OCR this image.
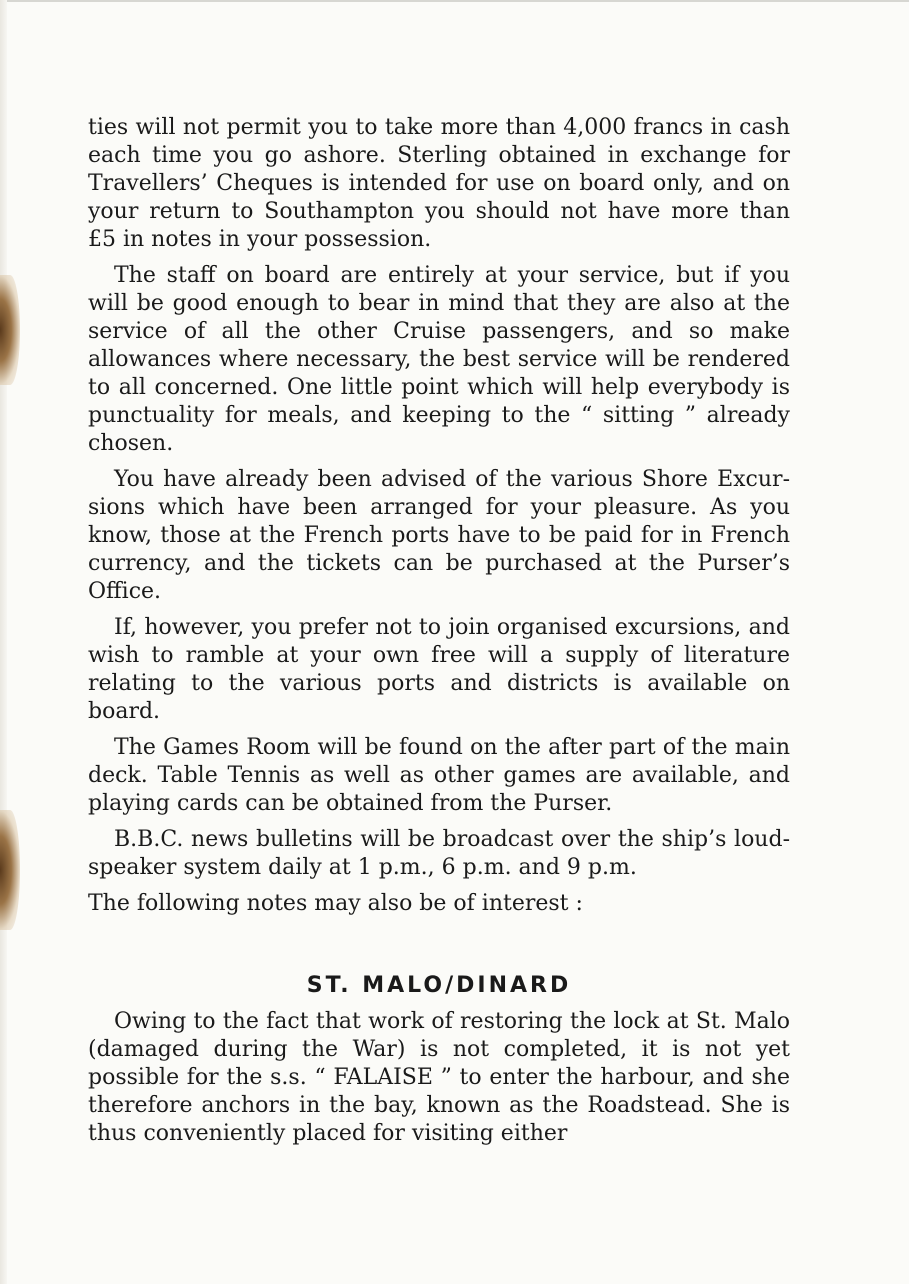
ties will not permit you to take more than 4,000 francs in cash each time you go ashore. Sterling obtained in exchange for Travellers’ Cheques is intended for use on board only, and on your return to Southampton you should not have more than £5 in notes in your possession.

The staff on board are entirely at your service, but if you will be good enough to bear in mind that they are also at the service of all the other Cruise passengers, and so make allowances where necessary, the best service will be rendered to all concerned. One little point which will help everybody is punctuality for meals, and keeping to the “ sitting ” already chosen.

You have already been advised of the various Shore Excursions which have been arranged for your pleasure. As you know, those at the French ports have to be paid for in French currency, and the tickets can be purchased at the Purser’s Office.

If, however, you prefer not to join organised excursions, and wish to ramble at your own free will a supply of literature relating to the various ports and districts is available on board.

The Games Room will be found on the after part of the main deck. Table Tennis as well as other games are available, and playing cards can be obtained from the Purser.

B.B.C. news bulletins will be broadcast over the ship’s loud-speaker system daily at 1 p.m., 6 p.m. and 9 p.m.

The following notes may also be of interest :

ST. MALO/DINARD

Owing to the fact that work of restoring the lock at St. Malo (damaged during the War) is not completed, it is not yet possible for the s.s. “ FALAISE ” to enter the harbour, and she therefore anchors in the bay, known as the Roadstead. She is thus conveniently placed for visiting either
